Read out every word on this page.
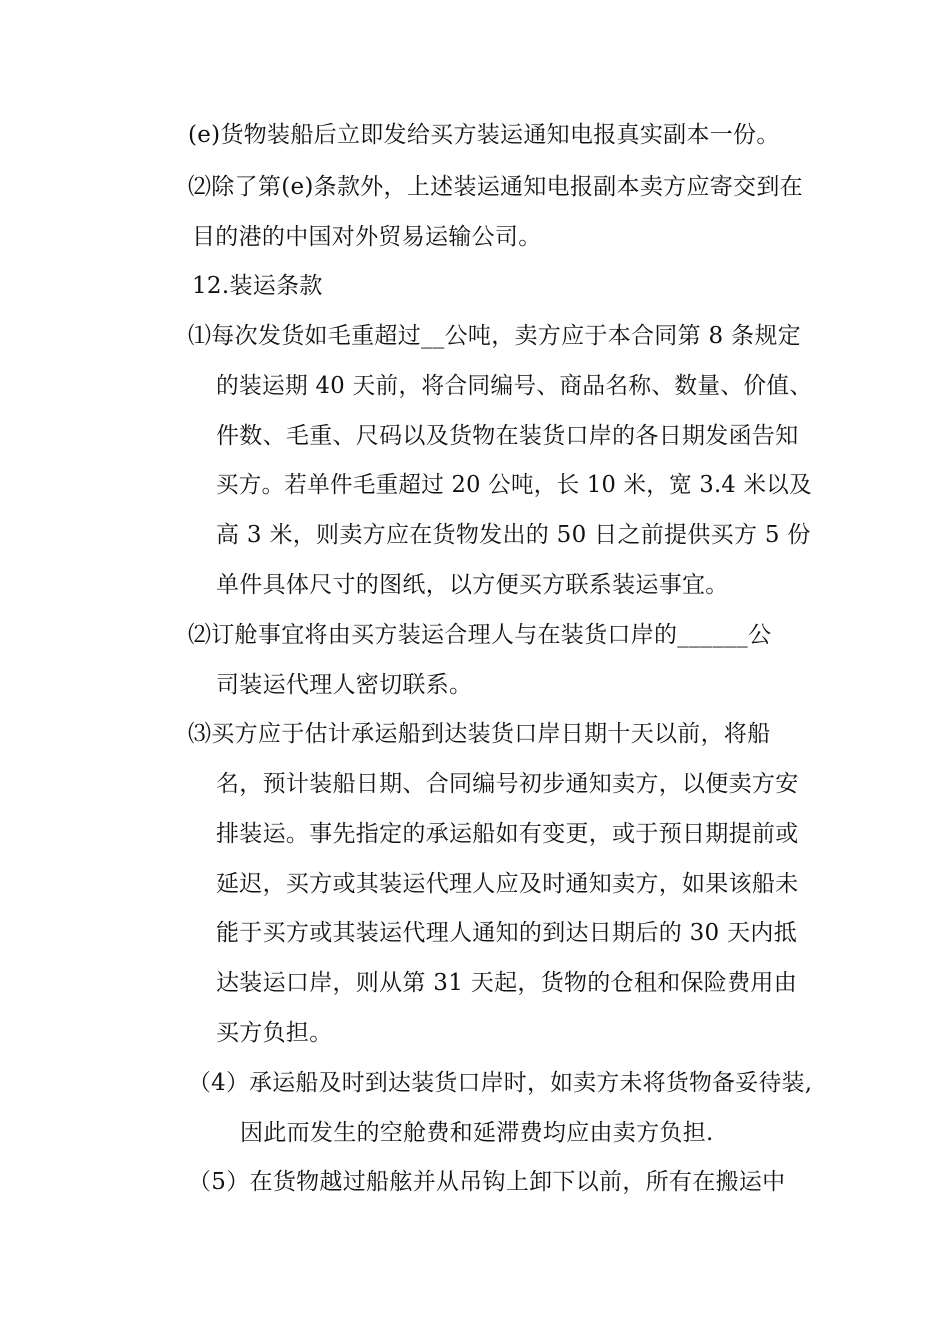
(e)货物装船后立即发给买方装运通知电报真实副本一份。
⑵除了第(e)条款外，上述装运通知电报副本卖方应寄交到在
目的港的中国对外贸易运输公司。
12.装运条款
⑴每次发货如毛重超过__公吨，卖方应于本合同第 8 条规定
的装运期 40 天前，将合同编号、商品名称、数量、价值、
件数、毛重、尺码以及货物在装货口岸的各日期发函告知
买方。若单件毛重超过 20 公吨，长 10 米，宽 3.4 米以及
高 3 米，则卖方应在货物发出的 50 日之前提供买方 5 份
单件具体尺寸的图纸，以方便买方联系装运事宜。
⑵订舱事宜将由买方装运合理人与在装货口岸的______公
司装运代理人密切联系。
⑶买方应于估计承运船到达装货口岸日期十天以前，将船
名，预计装船日期、合同编号初步通知卖方，以便卖方安
排装运。事先指定的承运船如有变更，或于预日期提前或
延迟，买方或其装运代理人应及时通知卖方，如果该船未
能于买方或其装运代理人通知的到达日期后的 30 天内抵
达装运口岸，则从第 31 天起，货物的仓租和保险费用由
买方负担。
（4）承运船及时到达装货口岸时，如卖方未将货物备妥待装,
因此而发生的空舱费和延滞费均应由卖方负担.
（5）在货物越过船舷并从吊钩上卸下以前，所有在搬运中
